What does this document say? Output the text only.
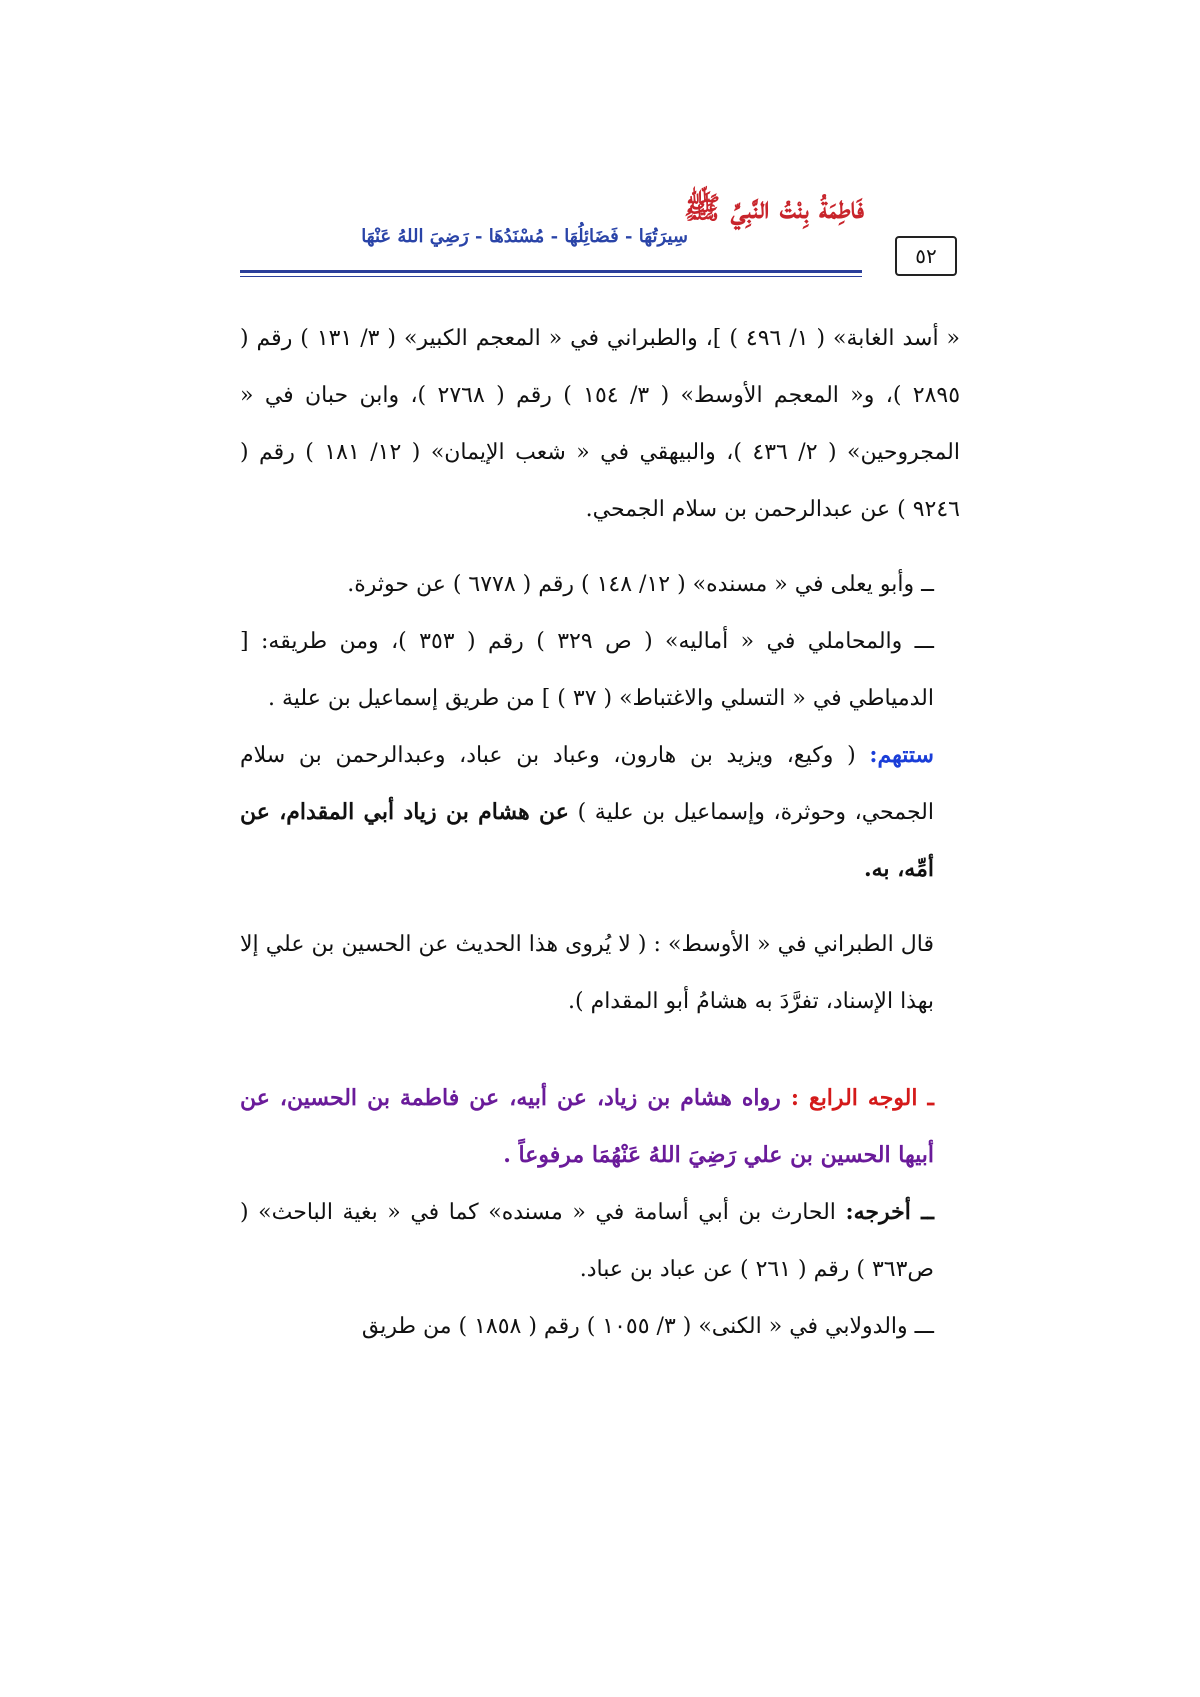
فَاطِمَةُ بِنْتُ النَّبِيِّ ﷺ
سِيرَتُهَا - فَضَائِلُهَا - مُسْنَدُهَا - رَضِيَ اللهُ عَنْهَا
٥٢

« أسد الغابة» ( ١/ ٤٩٦ ) ]، والطبراني في « المعجم الكبير» ( ٣/ ١٣١ ) رقم ( ٢٨٩٥ )، و« المعجم الأوسط» ( ٣/ ١٥٤ ) رقم ( ٢٧٦٨ )، وابن حبان في « المجروحين» ( ٢/ ٤٣٦ )، والبيهقي في « شعب الإيمان» ( ١٢/ ١٨١ ) رقم ( ٩٢٤٦ ) عن عبدالرحمن بن سلام الجمحي.

ــ وأبو يعلى في « مسنده» ( ١٢/ ١٤٨ ) رقم ( ٦٧٧٨ ) عن حوثرة.

ـــ والمحاملي في « أماليه» ( ص ٣٢٩ ) رقم ( ٣٥٣ )، ومن طريقه: [ الدمياطي في « التسلي والاغتباط» ( ٣٧ ) ] من طريق إسماعيل بن علية .

ستتهم: ( وكيع، ويزيد بن هارون، وعباد بن عباد، وعبدالرحمن بن سلام الجمحي، وحوثرة، وإسماعيل بن علية ) عن هشام بن زياد أبي المقدام، عن أمِّه، به.

قال الطبراني في « الأوسط» : ( لا يُروى هذا الحديث عن الحسين بن علي إلا بهذا الإسناد، تفرَّدَ به هشامُ أبو المقدام ).

ـ الوجه الرابع : رواه هشام بن زياد، عن أبيه، عن فاطمة بن الحسين، عن أبيها الحسين بن علي رَضِيَ اللهُ عَنْهُمَا مرفوعاً .

ــ أخرجه: الحارث بن أبي أسامة في « مسنده» كما في « بغية الباحث» ( ص٣٦٣ ) رقم ( ٢٦١ ) عن عباد بن عباد.

ـــ والدولابي في « الكنى» ( ٣/ ١٠٥٥ ) رقم ( ١٨٥٨ ) من طريق
